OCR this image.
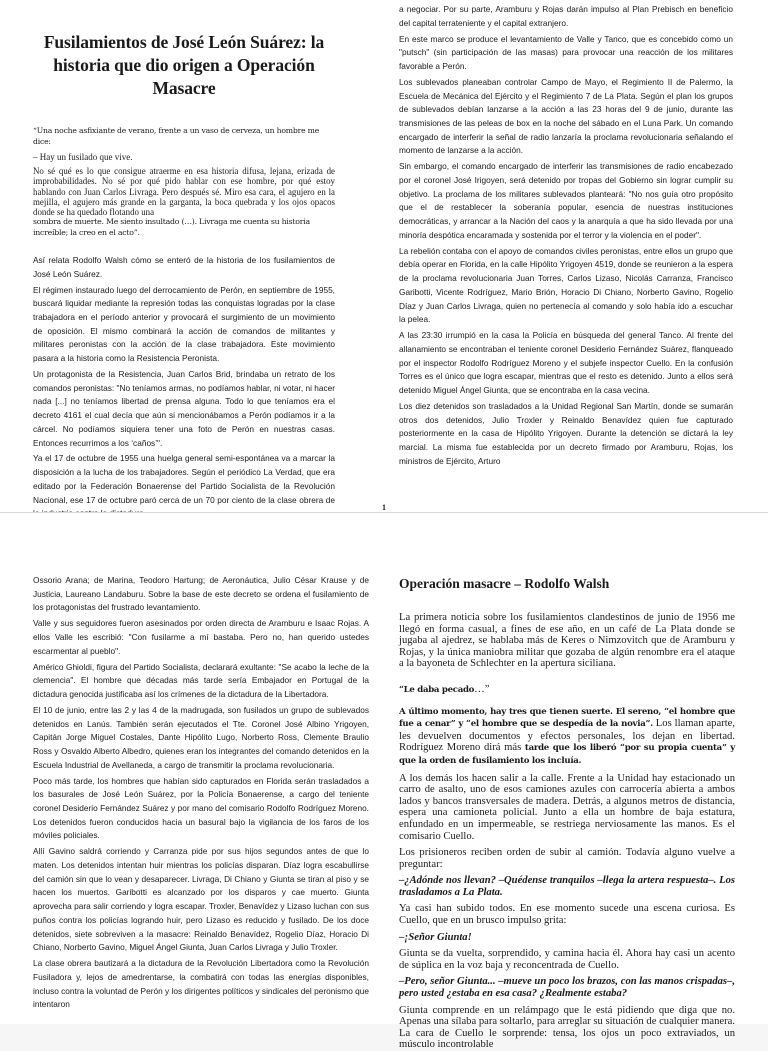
Fusilamientos de José León Suárez: la historia que dio origen a Operación Masacre

“Una noche asfixiante de verano, frente a un vaso de cerveza, un hombre me dice:

– Hay un fusilado que vive.

No sé qué es lo que consigue atraerme en esa historia difusa, lejana, erizada de improbabilidades. No sé por qué pido hablar con ese hombre, por qué estoy hablando con Juan Carlos Livraga. Pero después sé. Miro esa cara, el agujero en la mejilla, el agujero más grande en la garganta, la boca quebrada y los ojos opacos donde se ha quedado flotando una

sombra de muerte. Me siento insultado (…). Livraga me cuenta su historia increíble; la creo en el acto”.

Así relata Rodolfo Walsh cómo se enteró de la historia de los fusilamientos de José León Suárez.

El régimen instaurado luego del derrocamiento de Perón, en septiembre de 1955, buscará liquidar mediante la represión todas las conquistas logradas por la clase trabajadora en el período anterior y provocará el surgimiento de un movimiento de oposición. El mismo combinará la acción de comandos de militantes y militares peronistas con la acción de la clase trabajadora. Este movimiento pasara a la historia como la Resistencia Peronista.

Un protagonista de la Resistencia, Juan Carlos Brid, brindaba un retrato de los comandos peronistas: "No teníamos armas, no podíamos hablar, ni votar, ni hacer nada [...] no teníamos libertad de prensa alguna. Todo lo que teníamos era el decreto 4161 el cual decía que aún si mencionábamos a Perón podíamos ir a la cárcel. No podíamos siquiera tener una foto de Perón en nuestras casas. Entonces recurrimos a los ‘caños’".

Ya el 17 de octubre de 1955 una huelga general semi-espontánea va a marcar la disposición a la lucha de los trabajadores. Según el periódico La Verdad, que era editado por la Federación Bonaerense del Partido Socialista de la Revolución Nacional, ese 17 de octubre paró cerca de un 70 por ciento de la clase obrera de

a negociar. Por su parte, Aramburu y Rojas darán impulso al Plan Prebisch en beneficio del capital terrateniente y el capital extranjero.

En este marco se produce el levantamiento de Valle y Tanco, que es concebido como un "putsch" (sin participación de las masas) para provocar una reacción de los militares favorable a Perón.

Los sublevados planeaban controlar Campo de Mayo, el Regimiento II de Palermo, la Escuela de Mecánica del Ejército y el Regimiento 7 de La Plata. Según el plan los grupos de sublevados debían lanzarse a la acción a las 23 horas del 9 de junio, durante las transmisiones de las peleas de box en la noche del sábado en el Luna Park. Un comando encargado de interferir la señal de radio lanzaría la proclama revolucionaria señalando el momento de lanzarse a la acción.

Sin embargo, el comando encargado de interferir las transmisiones de radio encabezado por el coronel José Irigoyen, será detenido por tropas del Gobierno sin lograr cumplir su objetivo. La proclama de los militares sublevados planteará: "No nos guía otro propósito que el de restablecer la soberanía popular, esencia de nuestras instituciones democráticas, y arrancar a la Nación del caos y la anarquía a que ha sido llevada por una minoría despótica encaramada y sostenida por el terror y la violencia en el poder".

La rebelión contaba con el apoyo de comandos civiles peronistas, entre ellos un grupo que debía operar en Florida, en la calle Hipólito Yrigoyen 4519, donde se reunieron a la espera de la proclama revolucionaria Juan Torres, Carlos Lizaso, Nicolás Carranza, Francisco Garibotti, Vicente Rodríguez, Mario Brión, Horacio Di Chiano, Norberto Gavino, Rogelio Díaz y Juan Carlos Livraga, quien no pertenecía al comando y solo había ido a escuchar la pelea.

A las 23:30 irrumpió en la casa la Policía en búsqueda del general Tanco. Al frente del allanamiento se encontraban el teniente coronel Desiderio Fernández Suárez, flanqueado por el inspector Rodolfo Rodríguez Moreno y el subjefe inspector Cuello. En la confusión Torres es el único que logra escapar, mientras que el resto es detenido. Junto a ellos será detenido Miguel Ángel Giunta, que se encontraba en la casa vecina.

Los diez detenidos son trasladados a la Unidad Regional San Martín, donde se sumarán otros dos detenidos, Julio Troxler y Reinaldo Benavídez quien fue capturado posteriormente en la casa de Hipólito Yrigoyen. Durante la detención se dictará la ley marcial. La misma fue establecida por un decreto firmado por Aramburu, Rojas, los ministros de Ejército, Arturo

1

Ossorio Arana; de Marina, Teodoro Hartung; de Aeronáutica, Julio César Krause y de Justicia, Laureano Landaburu. Sobre la base de este decreto se ordena el fusilamiento de los protagonistas del frustrado levantamiento.

Valle y sus seguidores fueron asesinados por orden directa de Aramburu e Isaac Rojas. A ellos Valle les escribió: "Con fusilarme a mí bastaba. Pero no, han querido ustedes escarmentar al pueblo".

Américo Ghioldi, figura del Partido Socialista, declarará exultante: "Se acabo la leche de la clemencia". El hombre que décadas más tarde sería Embajador en Portugal de la dictadura genocida justificaba así los crímenes de la dictadura de la Libertadora.

El 10 de junio, entre las 2 y las 4 de la madrugada, son fusilados un grupo de sublevados detenidos en Lanús. También serán ejecutados el Tte. Coronel José Albino Yrigoyen, Capitán Jorge Miguel Costales, Dante Hipólito Lugo, Norberto Ross, Clemente Braulio Ross y Osvaldo Alberto Albedro, quienes eran los integrantes del comando detenidos en la Escuela Industrial de Avellaneda, a cargo de transmitir la proclama revolucionaria.

Poco más tarde, los hombres que habían sido capturados en Florida serán trasladados a los basurales de José León Suárez, por la Policía Bonaerense, a cargo del teniente coronel Desiderio Fernández Suárez y por mano del comisario Rodolfo Rodríguez Moreno. Los detenidos fueron conducidos hacia un basural bajo la vigilancia de los faros de los móviles policiales.

Allí Gavino saldrá corriendo y Carranza pide por sus hijos segundos antes de que lo maten. Los detenidos intentan huir mientras los policías disparan. Díaz logra escabullirse del camión sin que lo vean y desaparecer. Livraga, Di Chiano y Giunta se tiran al piso y se hacen los muertos. Garibotti es alcanzado por los disparos y cae muerto. Giunta aprovecha para salir corriendo y logra escapar. Troxler, Benavídez y Lizaso luchan con sus puños contra los policías logrando huir, pero Lizaso es reducido y fusilado. De los doce detenidos, siete sobreviven a la masacre: Reinaldo Benavídez, Rogelio Díaz, Horacio Di Chiano, Norberto Gavino, Miguel Ángel Giunta, Juan Carlos Livraga y Julio Troxler.

La clase obrera bautizará a la dictadura de la Revolución Libertadora como la Revolución Fusiladora y, lejos de amedrentarse, la combatirá con todas las energías disponibles, incluso contra la voluntad de Perón y los dirigentes políticos y sindicales del peronismo que intentaron

Operación masacre – Rodolfo Walsh

La primera noticia sobre los fusilamientos clandestinos de junio de 1956 me llegó en forma casual, a fines de ese año, en un café de La Plata donde se jugaba al ajedrez, se hablaba más de Keres o Nimzovitch que de Aramburu y Rojas, y la única maniobra militar que gozaba de algún renombre era el ataque a la bayoneta de Schlechter en la apertura siciliana.

“Le daba pecado…”

A último momento, hay tres que tienen suerte. El sereno, “el hombre que fue a cenar” y “el hombre que se despedía de la novia”. Los llaman aparte, les devuelven documentos y efectos personales, los dejan en libertad. Rodríguez Moreno dirá más tarde que los liberó “por su propia cuenta” y que la orden de fusilamiento los incluía.

A los demás los hacen salir a la calle. Frente a la Unidad hay estacionado un carro de asalto, uno de esos camiones azules con carrocería abierta a ambos lados y bancos transversales de madera. Detrás, a algunos metros de distancia, espera una camioneta policial. Junto a ella un hombre de baja estatura, enfundado en un impermeable, se restriega nerviosamente las manos. Es el comisario Cuello.

Los prisioneros reciben orden de subir al camión. Todavía alguno vuelve a preguntar:

–¿Adónde nos llevan? –Quédense tranquilos –llega la artera respuesta–. Los trasladamos a La Plata.

Ya casi han subido todos. En ese momento sucede una escena curiosa. Es Cuello, que en un brusco impulso grita:

–¡Señor Giunta!

Giunta se da vuelta, sorprendido, y camina hacia él. Ahora hay casi un acento de súplica en la voz baja y reconcentrada de Cuello.

–Pero, señor Giunta... –mueve un poco los brazos, con las manos crispadas–, pero usted ¿estaba en esa casa? ¿Realmente estaba?

Giunta comprende en un relámpago que le está pidiendo que diga que no. Apenas una sílaba para soltarlo, para arreglar su situación de cualquier manera. La cara de Cuello le sorprende: tensa, los ojos un poco extraviados, un músculo incontrolable
